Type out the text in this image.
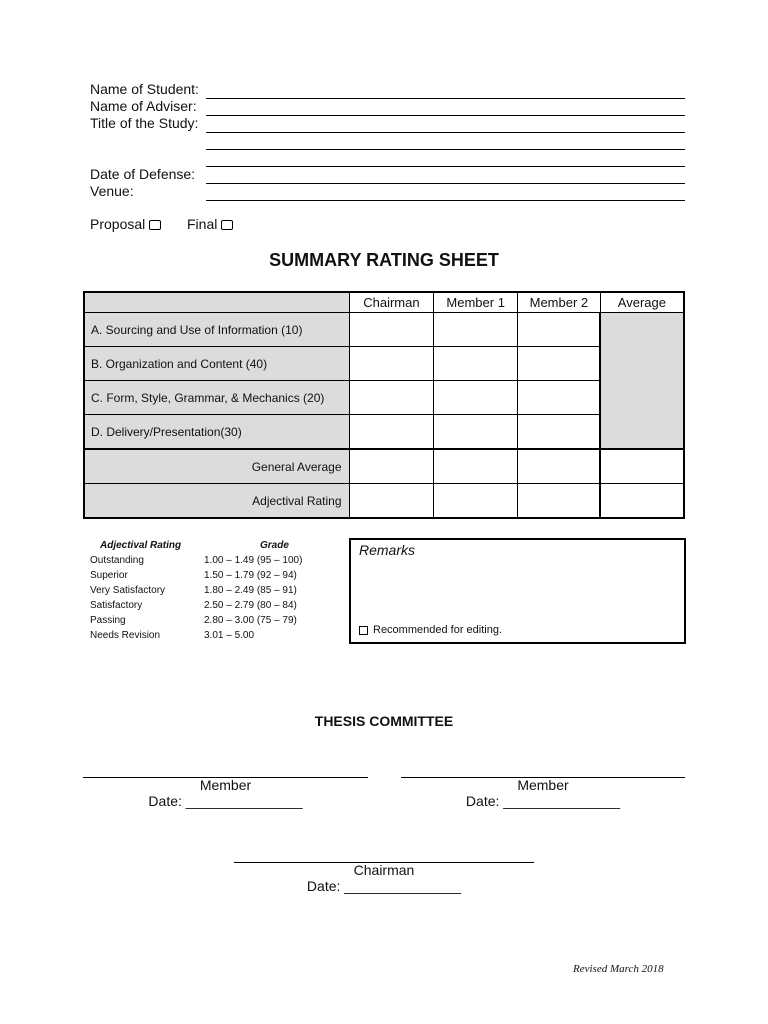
Name of Student:
Name of Adviser:
Title of the Study:
Date of Defense:
Venue:
Proposal	Final
SUMMARY RATING SHEET
	Chairman	Member 1	Member 2	Average
A. Sourcing and Use of Information (10)				
B. Organization and Content (40)				
C. Form, Style, Grammar, & Mechanics (20)				
D. Delivery/Presentation(30)				
General Average				
Adjectival Rating				
Adjectival Rating	Grade
Outstanding	1.00 – 1.49 (95 – 100)
Superior	1.50 – 1.79 (92 – 94)
Very Satisfactory	1.80 – 2.49 (85 – 91)
Satisfactory	2.50 – 2.79 (80 – 84)
Passing	2.80 – 3.00 (75 – 79)
Needs Revision	3.01 – 5.00
Remarks
Recommended for editing.
THESIS COMMITTEE
Member
Date: _______________
Member
Date: _______________
Chairman
Date: _______________
Revised March 2018
